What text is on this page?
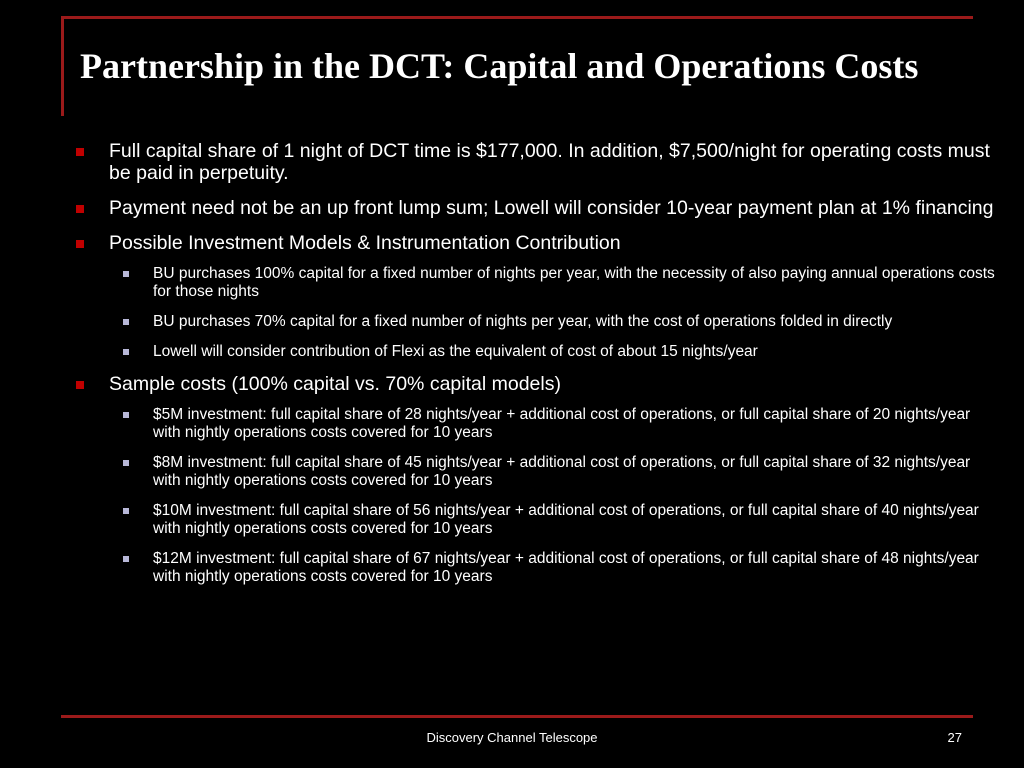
Partnership in the DCT: Capital and Operations Costs
Full capital share of 1 night of DCT time is $177,000. In addition, $7,500/night for operating costs must be paid in perpetuity.
Payment need not be an up front lump sum; Lowell will consider 10-year payment plan at 1% financing
Possible Investment Models & Instrumentation Contribution
BU purchases 100% capital for a fixed number of nights per year, with the necessity of also paying annual operations costs for those nights
BU purchases 70% capital for a fixed number of nights per year, with the cost of operations folded in directly
Lowell will consider contribution of Flexi as the equivalent of cost of about 15 nights/year
Sample costs (100% capital vs. 70% capital models)
$5M investment: full capital share of 28 nights/year + additional cost of operations, or full capital share of 20 nights/year with nightly operations costs covered for 10 years
$8M investment: full capital share of 45 nights/year + additional cost of operations, or full capital share of 32 nights/year with nightly operations costs covered for 10 years
$10M investment: full capital share of 56 nights/year + additional cost of operations, or full capital share of 40 nights/year with nightly operations costs covered for 10 years
$12M investment: full capital share of 67 nights/year + additional cost of operations, or full capital share of 48 nights/year with nightly operations costs covered for 10 years
Discovery Channel Telescope	27
